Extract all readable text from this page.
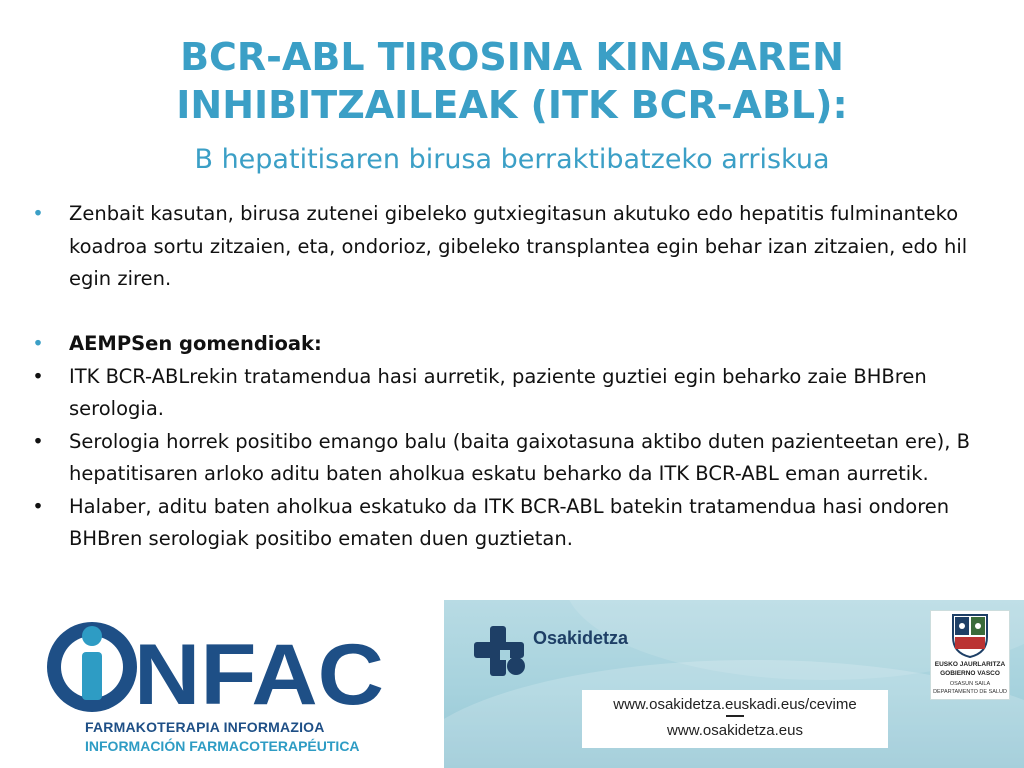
BCR-ABL TIROSINA KINASAREN
INHIBITZAILEAK (ITK BCR-ABL):
B hepatitisaren birusa berraktibatzeko arriskua
• Zenbait kasutan, birusa zutenei gibeleko gutxiegitasun akutuko edo hepatitis fulminanteko koadroa sortu zitzaien, eta, ondorioz, gibeleko transplantea egin behar izan zitzaien, edo hil egin ziren.
• AEMPSen gomendioak:
• ITK BCR-ABLrekin tratamendua hasi aurretik, paziente guztiei egin beharko zaie BHBren serologia.
• Serologia horrek positibo emango balu (baita gaixotasuna aktibo duten pazienteetan ere), B hepatitisaren arloko aditu baten aholkua eskatu beharko da ITK BCR-ABL eman aurretik.
• Halaber, aditu baten aholkua eskatuko da ITK BCR-ABL batekin tratamendua hasi ondoren BHBren serologiak positibo ematen duen guztietan.
Osakidetza
EUSKO JAURLARITZA
GOBIERNO VASCO
OSASUN SAILA
DEPARTAMENTO DE SALUD
www.osakidetza.euskadi.eus/cevime
www.osakidetza.eus
NFAC
FARMAKOTERAPIA INFORMAZIOA
INFORMACIÓN FARMACOTERAPÉUTICA
